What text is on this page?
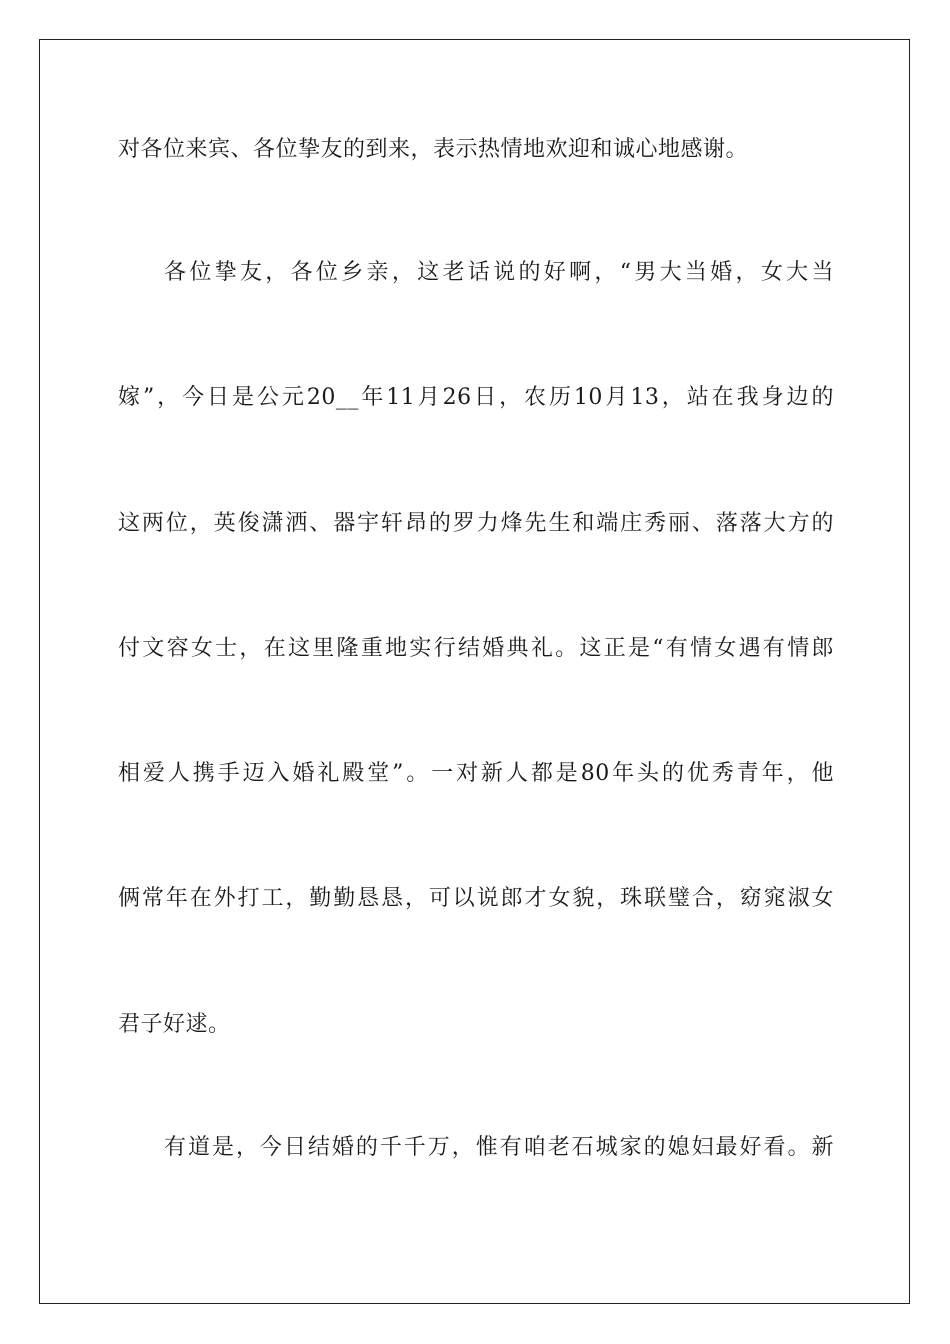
对各位来宾、各位挚友的到来，表示热情地欢迎和诚心地感谢。
各位挚友，各位乡亲，这老话说的好啊，“男大当婚，女大当
嫁”，今日是公元20__年11月26日，农历10月13，站在我身边的
这两位，英俊潇洒、器宇轩昂的罗力烽先生和端庄秀丽、落落大方的
付文容女士，在这里隆重地实行结婚典礼。这正是“有情女遇有情郎
相爱人携手迈入婚礼殿堂”。一对新人都是80年头的优秀青年，他
俩常年在外打工，勤勤恳恳，可以说郎才女貌，珠联璧合，窈窕淑女
君子好逑。
有道是，今日结婚的千千万，惟有咱老石城家的媳妇最好看。新
